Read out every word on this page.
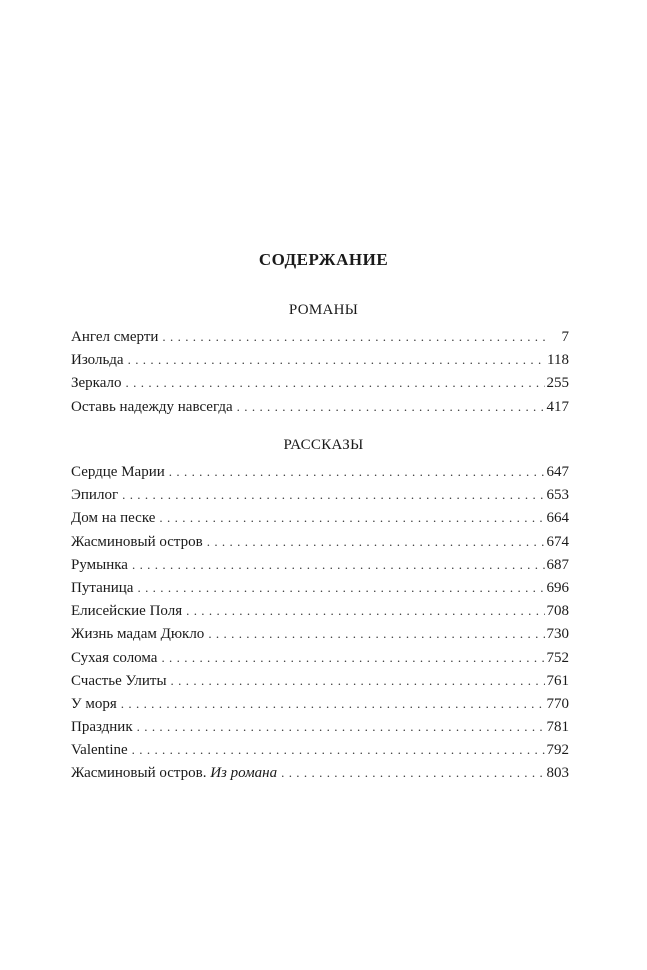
СОДЕРЖАНИЕ
РОМАНЫ
Ангел смерти . . .	7
Изольда . . .	118
Зеркало . . .	255
Оставь надежду навсегда . . .	417
РАССКАЗЫ
Сердце Марии . . .	647
Эпилог . . .	653
Дом на песке . . .	664
Жасминовый остров . . .	674
Румынка . . .	687
Путаница . . .	696
Елисейские Поля . . .	708
Жизнь мадам Дюкло . . .	730
Сухая солома . . .	752
Счастье Улиты . . .	761
У моря . . .	770
Праздник . . .	781
Valentine . . .	792
Жасминовый остров. Из романа . . .	803
